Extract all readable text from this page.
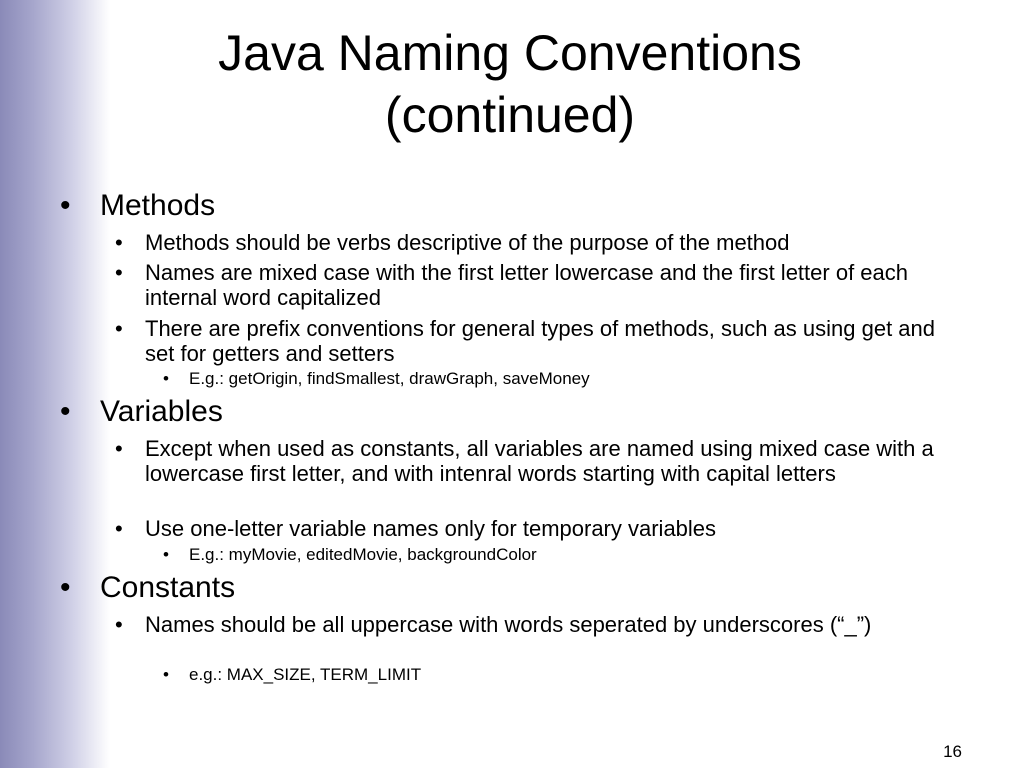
Java Naming Conventions
(continued)
• Methods
• Methods should be verbs descriptive of the purpose of the method
• Names are mixed case with the first letter lowercase and the first letter of each internal word capitalized
• There are prefix conventions for general types of methods, such as using get and set for getters and setters
• E.g.: getOrigin, findSmallest, drawGraph, saveMoney
• Variables
• Except when used as constants, all variables are named using mixed case with a lowercase first letter, and with intenral words starting with capital letters
• Use one-letter variable names only for temporary variables
• E.g.: myMovie, editedMovie, backgroundColor
• Constants
• Names should be all uppercase with words seperated by underscores (“_”)
• e.g.: MAX_SIZE, TERM_LIMIT
16
